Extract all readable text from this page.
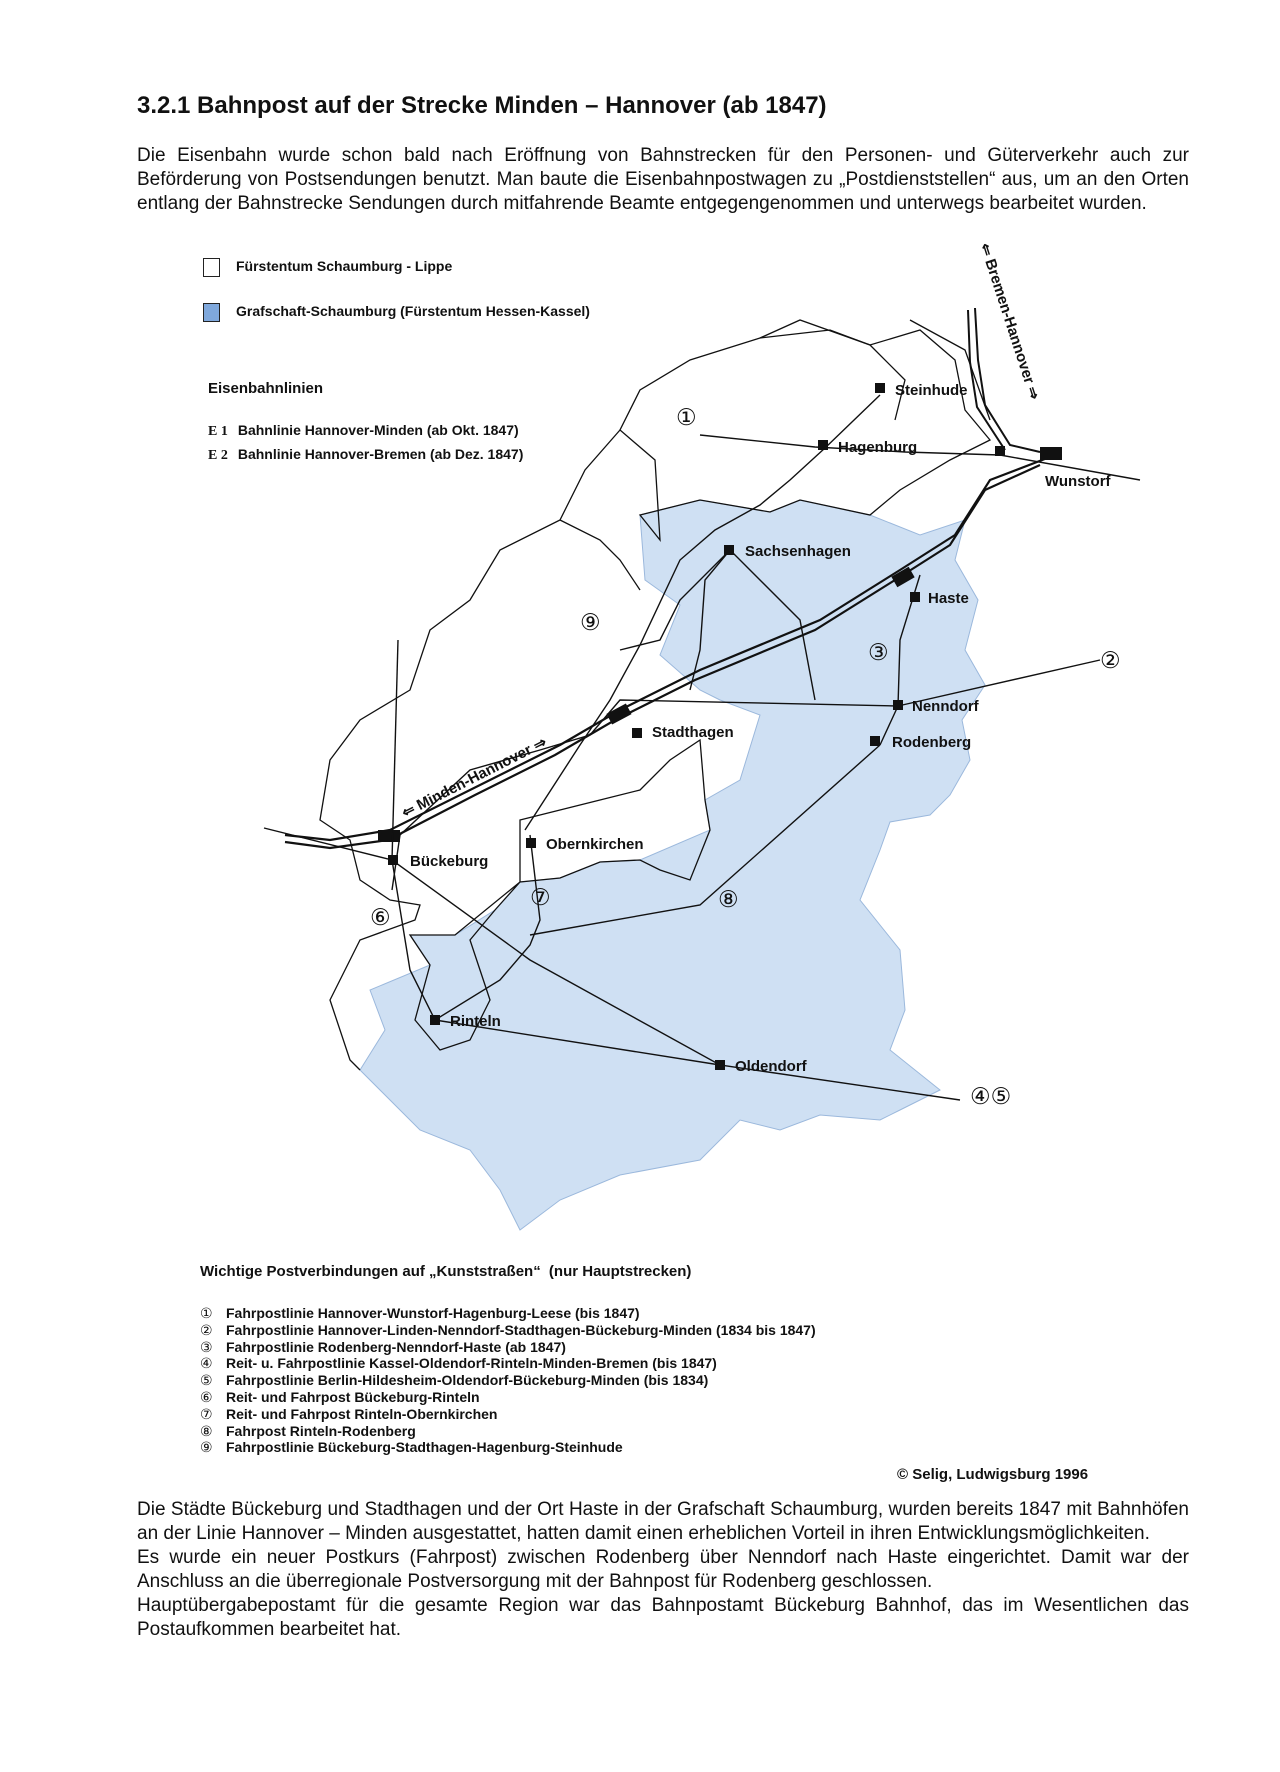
3.2.1 Bahnpost auf der Strecke Minden – Hannover (ab 1847)
Die Eisenbahn wurde schon bald nach Eröffnung von Bahnstrecken für den Personen- und Güterverkehr auch zur Beförderung von Postsendungen benutzt. Man baute die Eisenbahnpostwagen zu „Postdienststellen“ aus, um an den Orten entlang der Bahnstrecke Sendungen durch mitfahrende Beamte entgegengenommen und unterwegs bearbeitet wurden.
Steinhude
Hagenburg
Wunstorf
Sachsenhagen
Haste
Nenndorf
Rodenberg
Stadthagen
Obernkirchen
Bückeburg
Rinteln
Oldendorf
⇐ Bremen-Hannover ⇒
⇐ Minden-Hannover ⇒
①
②
③
④⑤
⑥
⑦	⑧
⑨
Fürstentum Schaumburg - Lippe
Grafschaft-Schaumburg (Fürstentum Hessen-Kassel)
Eisenbahnlinien
E 1 Bahnlinie Hannover-Minden (ab Okt. 1847)
E 2 Bahnlinie Hannover-Bremen (ab Dez. 1847)
Wichtige Postverbindungen auf „Kunststraßen“ (nur Hauptstrecken)
① Fahrpostlinie Hannover-Wunstorf-Hagenburg-Leese (bis 1847)
② Fahrpostlinie Hannover-Linden-Nenndorf-Stadthagen-Bückeburg-Minden (1834 bis 1847)
③ Fahrpostlinie Rodenberg-Nenndorf-Haste (ab 1847)
④ Reit- u. Fahrpostlinie Kassel-Oldendorf-Rinteln-Minden-Bremen (bis 1847)
⑤ Fahrpostlinie Berlin-Hildesheim-Oldendorf-Bückeburg-Minden (bis 1834)
⑥ Reit- und Fahrpost Bückeburg-Rinteln
⑦ Reit- und Fahrpost Rinteln-Obernkirchen
⑧ Fahrpost Rinteln-Rodenberg
⑨ Fahrpostlinie Bückeburg-Stadthagen-Hagenburg-Steinhude
© Selig, Ludwigsburg 1996

Die Städte Bückeburg und Stadthagen und der Ort Haste in der Grafschaft Schaumburg, wurden bereits 1847 mit Bahnhöfen an der Linie Hannover – Minden ausgestattet, hatten damit einen erheblichen Vorteil in ihren Entwicklungsmöglichkeiten.

Es wurde ein neuer Postkurs (Fahrpost) zwischen Rodenberg über Nenndorf nach Haste eingerichtet. Damit war der Anschluss an die überregionale Postversorgung mit der Bahnpost für Rodenberg geschlossen.

Hauptübergabepostamt für die gesamte Region war das Bahnpostamt Bückeburg Bahnhof, das im Wesentlichen das Postaufkommen bearbeitet hat.
